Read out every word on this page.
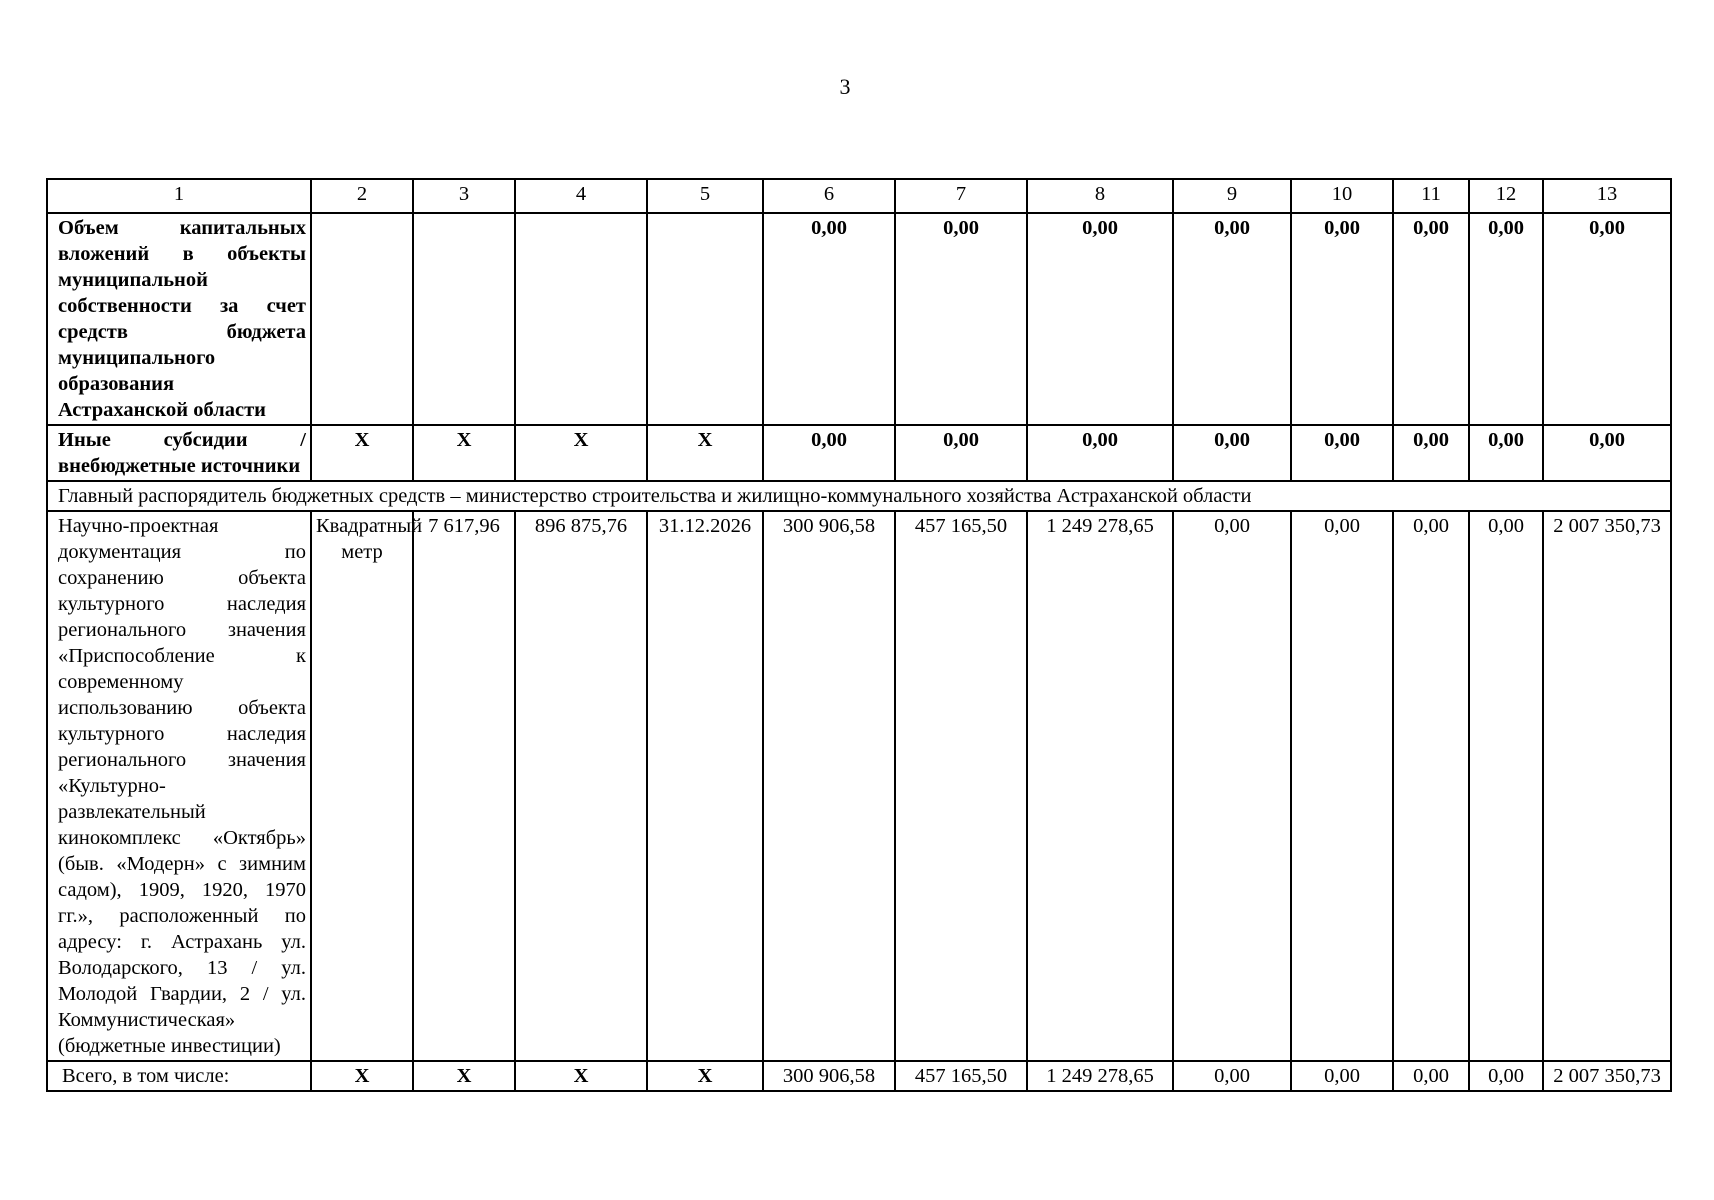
3
1	2	3	4	5	6	7	8	9	10	11	12	13
Объем капитальных вложений в объекты муниципальной собственности за счет средств бюджета муниципального образования Астраханской области					0,00	0,00	0,00	0,00	0,00	0,00	0,00	0,00
Иные субсидии / внебюджетные источники	X	X	X	X	0,00	0,00	0,00	0,00	0,00	0,00	0,00	0,00
Главный распорядитель бюджетных средств – министерство строительства и жилищно-коммунального хозяйства Астраханской области												
Научно-проектная документация по сохранению объекта культурного наследия регионального значения «Приспособление к современному использованию объекта культурного наследия регионального значения «Культурно-развлекательный кинокомплекс «Октябрь» (быв. «Модерн» с зимним садом), 1909, 1920, 1970 гг.», расположенный по адресу: г. Астрахань ул. Володарского, 13 / ул. Молодой Гвардии, 2 / ул. Коммунистическая» (бюджетные инвестиции)	Квадратный метр	7 617,96	896 875,76	31.12.2026	300 906,58	457 165,50	1 249 278,65	0,00	0,00	0,00	0,00	2 007 350,73
Всего, в том числе:	X	X	X	X	300 906,58	457 165,50	1 249 278,65	0,00	0,00	0,00	0,00	2 007 350,73
